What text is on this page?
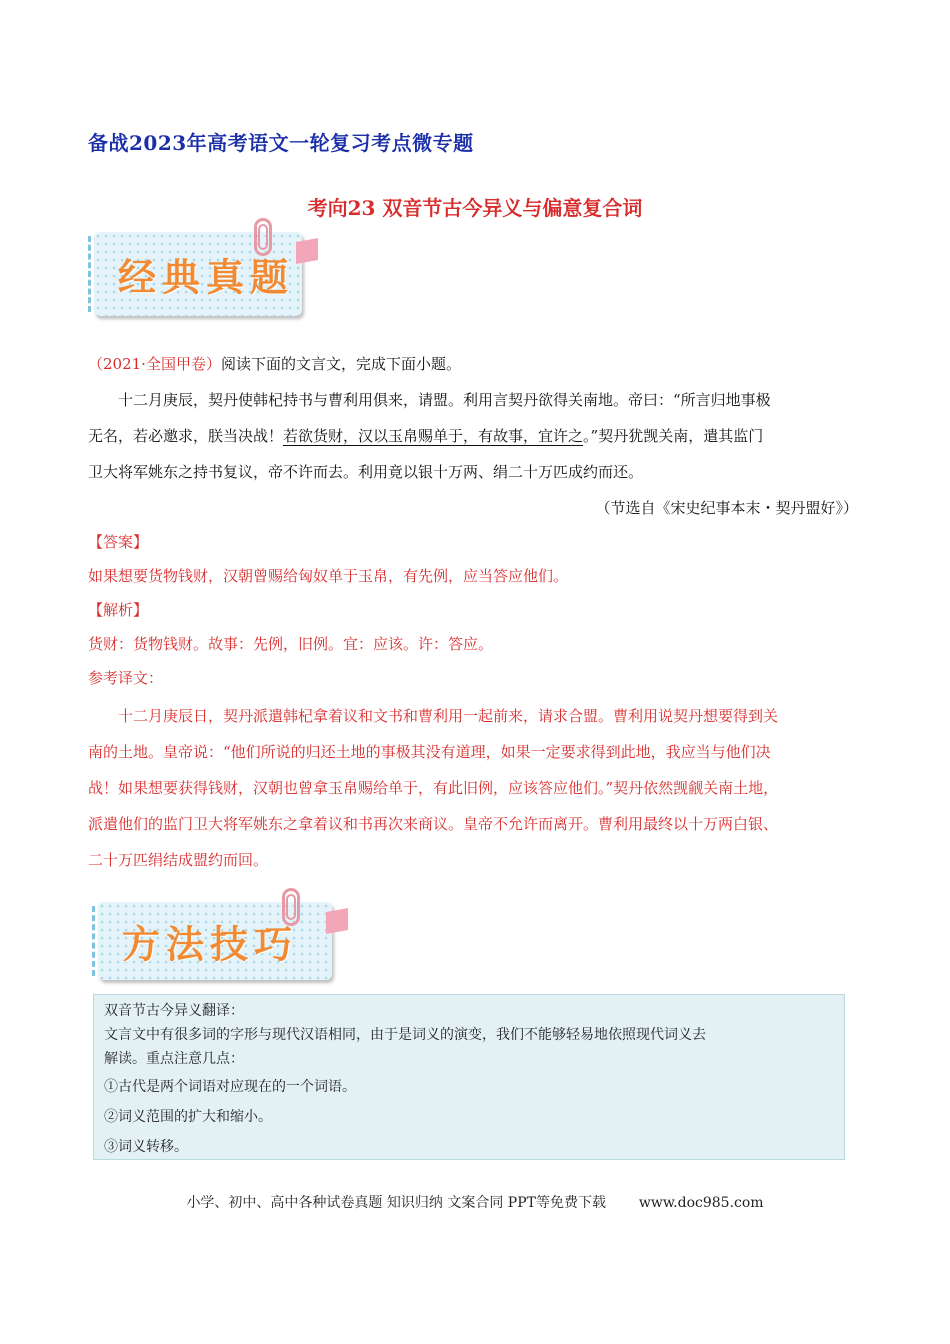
备战2023年高考语文一轮复习考点微专题
考向23 双音节古今异义与偏意复合词
经典真题
（2021·全国甲卷）阅读下面的文言文，完成下面小题。
十二月庚辰，契丹使韩杞持书与曹利用俱来，请盟。利用言契丹欲得关南地。帝曰：“所言归地事极
无名，若必邀求，朕当决战！若欲货财，汉以玉帛赐单于，有故事，宜许之。”契丹犹觊关南，遣其监门
卫大将军姚东之持书复议，帝不许而去。利用竟以银十万两、绢二十万匹成约而还。
（节选自《宋史纪事本末・契丹盟好》）
【答案】
如果想要货物钱财，汉朝曾赐给匈奴单于玉帛，有先例，应当答应他们。
【解析】
货财：货物钱财。故事：先例，旧例。宜：应该。许：答应。
参考译文：
十二月庚辰日，契丹派遣韩杞拿着议和文书和曹利用一起前来，请求合盟。曹利用说契丹想要得到关
南的土地。皇帝说：“他们所说的归还土地的事极其没有道理，如果一定要求得到此地，我应当与他们决
战！如果想要获得钱财，汉朝也曾拿玉帛赐给单于，有此旧例，应该答应他们。”契丹依然觊觎关南土地，
派遣他们的监门卫大将军姚东之拿着议和书再次来商议。皇帝不允许而离开。曹利用最终以十万两白银、
二十万匹绢结成盟约而回。
方法技巧
双音节古今异义翻译：
文言文中有很多词的字形与现代汉语相同，由于是词义的演变，我们不能够轻易地依照现代词义去
解读。重点注意几点：
①古代是两个词语对应现在的一个词语。
②词义范围的扩大和缩小。
③词义转移。
小学、初中、高中各种试卷真题 知识归纳 文案合同 PPT等免费下载 www.doc985.com
